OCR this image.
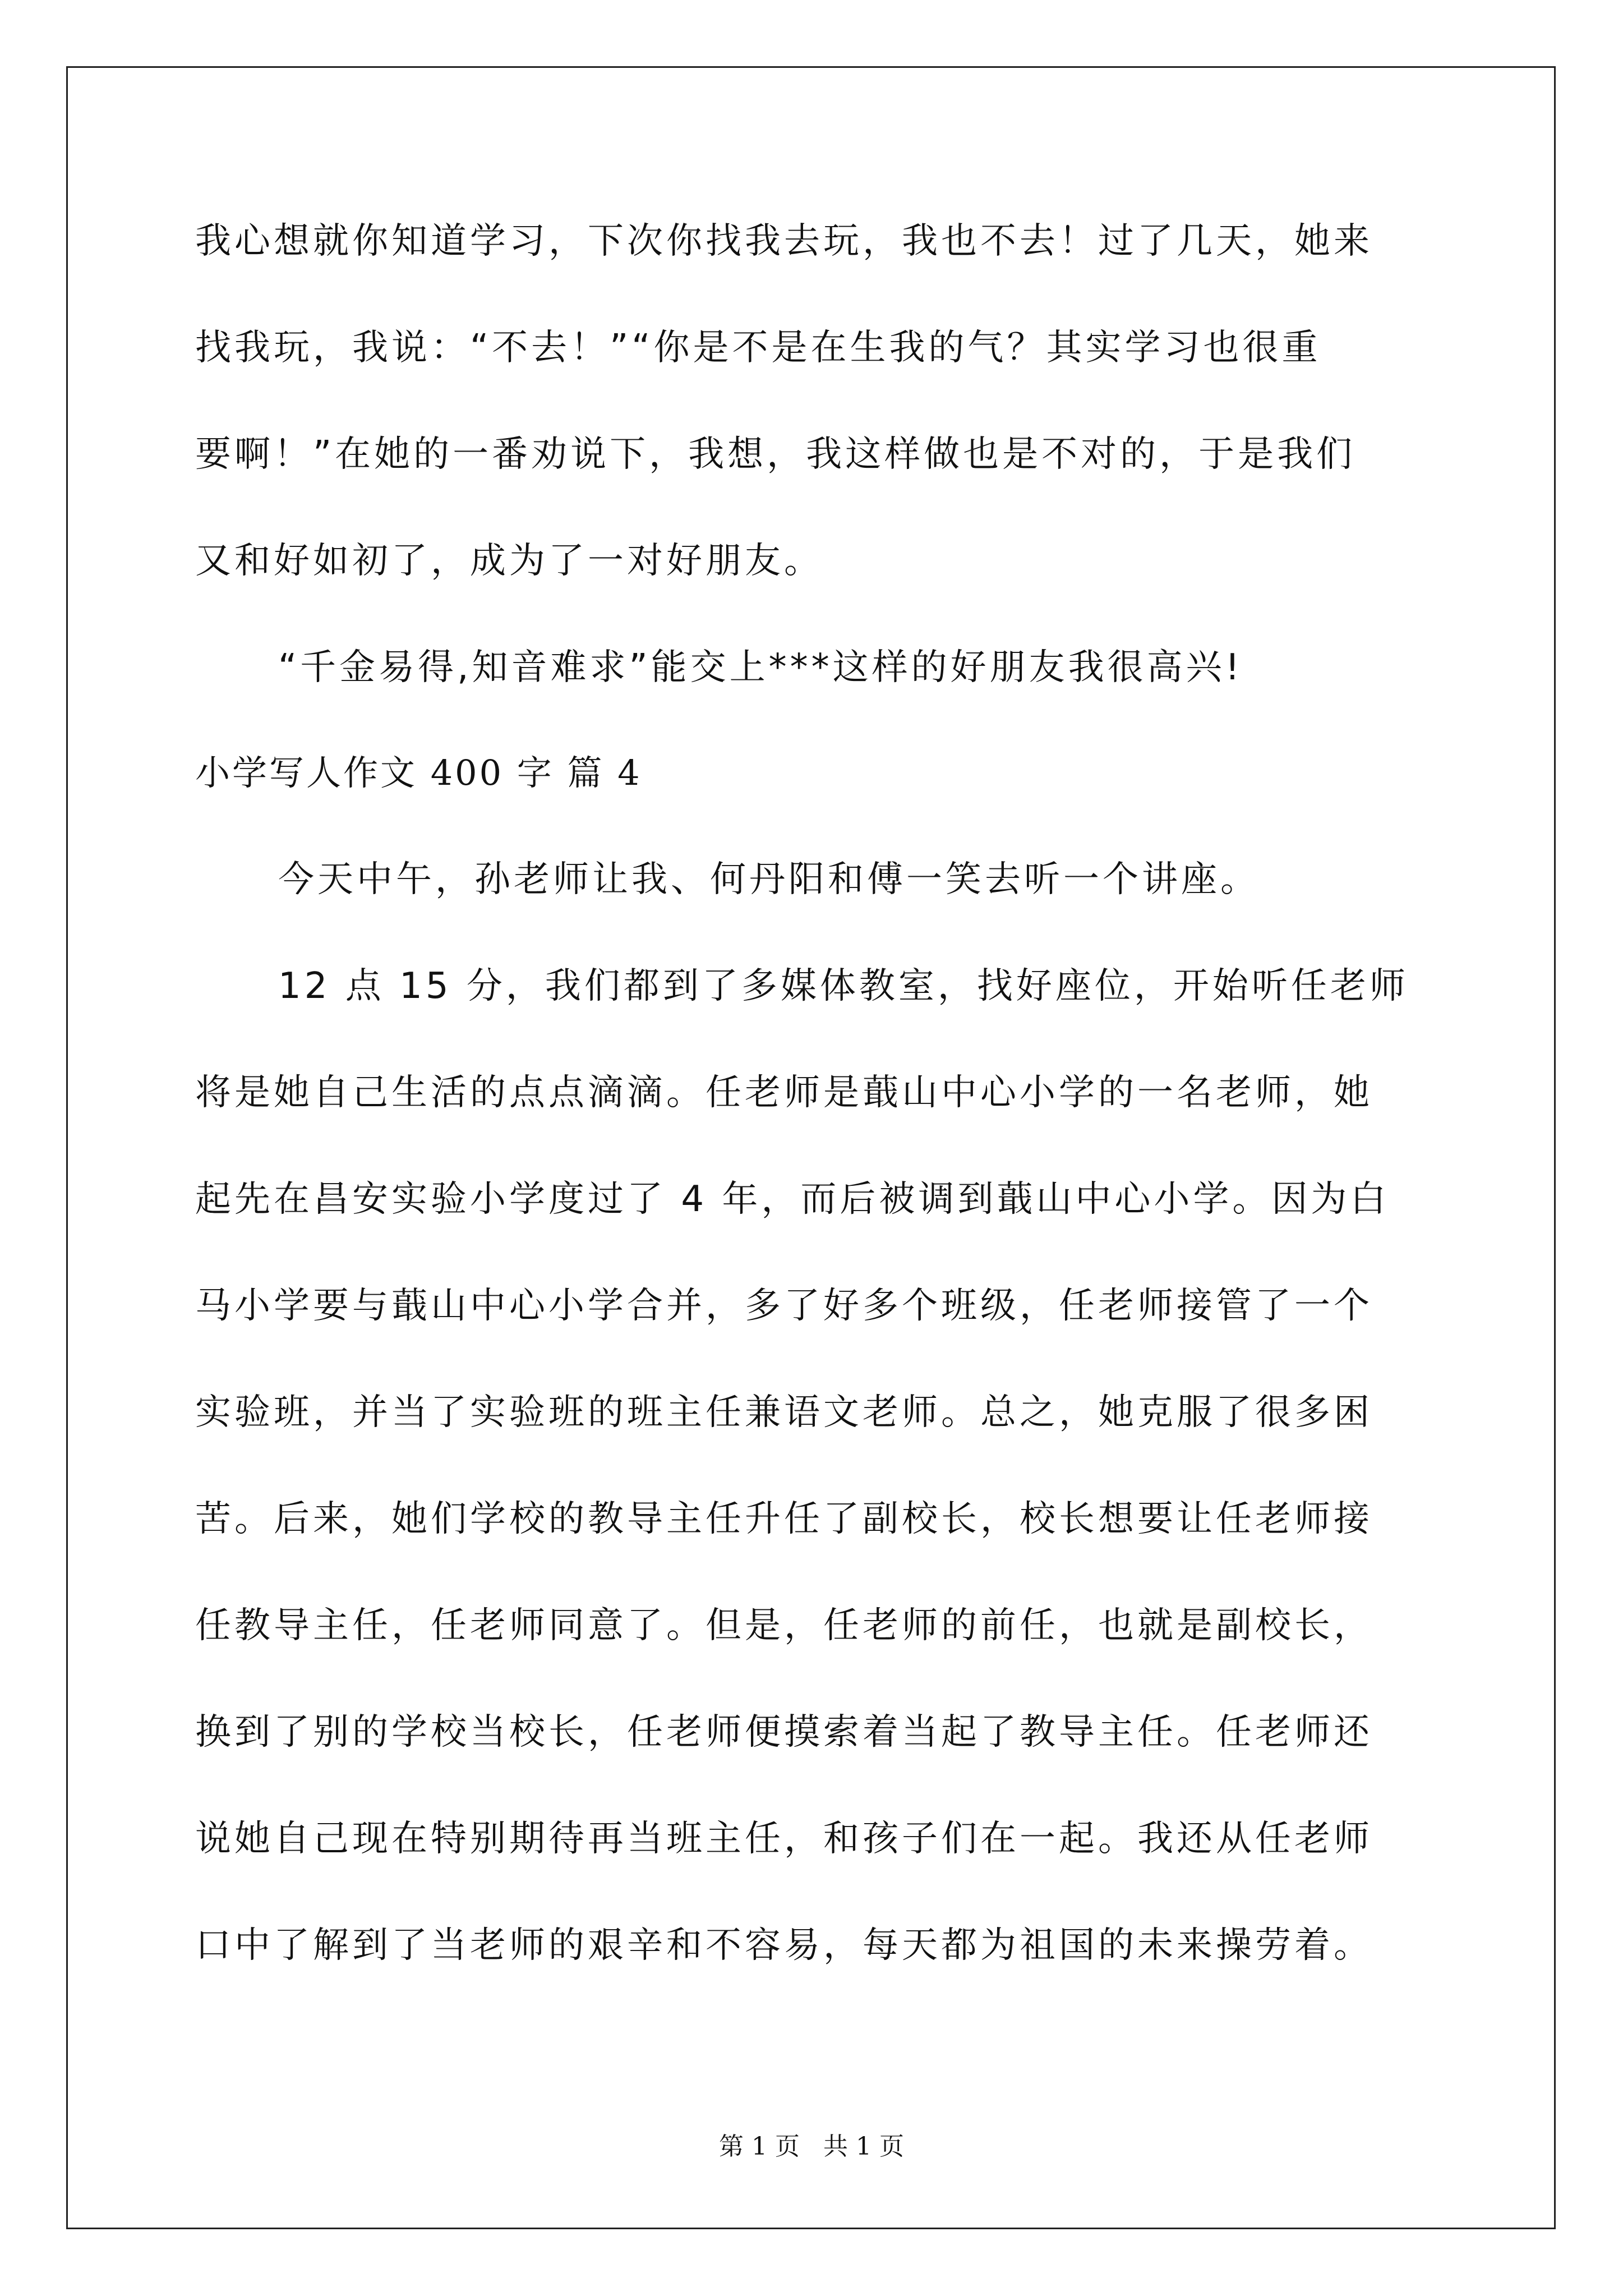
我心想就你知道学习，下次你找我去玩，我也不去！过了几天，她来
找我玩，我说：“不去！”“你是不是在生我的气？其实学习也很重
要啊！”在她的一番劝说下，我想，我这样做也是不对的，于是我们
又和好如初了，成为了一对好朋友。
“千金易得,知音难求”能交上***这样的好朋友我很高兴!
小学写人作文 400 字 篇 4
今天中午，孙老师让我、何丹阳和傅一笑去听一个讲座。
12 点 15 分，我们都到了多媒体教室，找好座位，开始听任老师
将是她自己生活的点点滴滴。任老师是蕺山中心小学的一名老师，她
起先在昌安实验小学度过了 4 年，而后被调到蕺山中心小学。因为白
马小学要与蕺山中心小学合并，多了好多个班级，任老师接管了一个
实验班，并当了实验班的班主任兼语文老师。总之，她克服了很多困
苦。后来，她们学校的教导主任升任了副校长，校长想要让任老师接
任教导主任，任老师同意了。但是，任老师的前任，也就是副校长，
换到了别的学校当校长，任老师便摸索着当起了教导主任。任老师还
说她自己现在特别期待再当班主任，和孩子们在一起。我还从任老师
口中了解到了当老师的艰辛和不容易，每天都为祖国的未来操劳着。
第 1 页 共 1 页
